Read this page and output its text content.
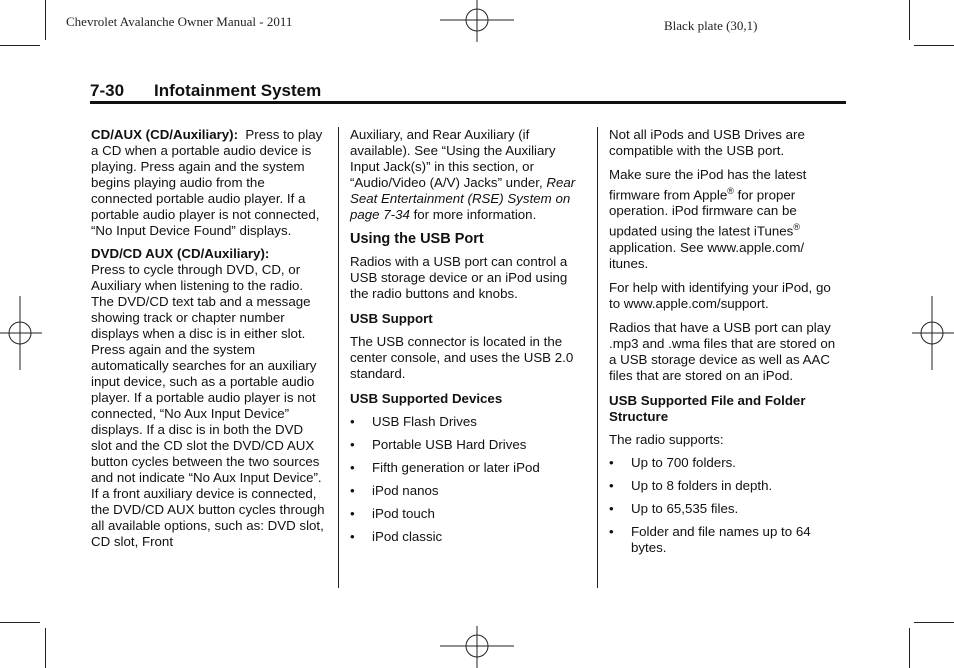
Chevrolet Avalanche Owner Manual - 2011	Black plate (30,1)
7-30 Infotainment System

CD/AUX (CD/Auxiliary): Press to play a CD when a portable audio device is playing. Press again and the system begins playing audio from the connected portable audio player. If a portable audio player is not connected, “No Input Device Found” displays.

DVD/CD AUX (CD/Auxiliary):
Press to cycle through DVD, CD, or Auxiliary when listening to the radio. The DVD/CD text tab and a message showing track or chapter number displays when a disc is in either slot. Press again and the system automatically searches for an auxiliary input device, such as a portable audio player. If a portable audio player is not connected, “No Aux Input Device” displays. If a disc is in both the DVD slot and the CD slot the DVD/CD AUX button cycles between the two sources and not indicate “No Aux Input Device”. If a front auxiliary device is connected, the DVD/CD AUX button cycles through all available options, such as: DVD slot, CD slot, Front

Auxiliary, and Rear Auxiliary (if available). See “Using the Auxiliary Input Jack(s)” in this section, or “Audio/Video (A/V) Jacks” under, Rear Seat Entertainment (RSE) System on page 7-34 for more information.

Using the USB Port

Radios with a USB port can control a USB storage device or an iPod using the radio buttons and knobs.

USB Support

The USB connector is located in the center console, and uses the USB 2.0 standard.

USB Supported Devices
• USB Flash Drives
• Portable USB Hard Drives
• Fifth generation or later iPod
• iPod nanos
• iPod touch
• iPod classic

Not all iPods and USB Drives are compatible with the USB port.

Make sure the iPod has the latest firmware from Apple® for proper operation. iPod firmware can be updated using the latest iTunes® application. See www.apple.com/ itunes.

For help with identifying your iPod, go to www.apple.com/support.

Radios that have a USB port can play .mp3 and .wma files that are stored on a USB storage device as well as AAC files that are stored on an iPod.

USB Supported File and Folder Structure

The radio supports:

• Up to 700 folders.
• Up to 8 folders in depth.
• Up to 65,535 files.
• Folder and file names up to 64 bytes.
